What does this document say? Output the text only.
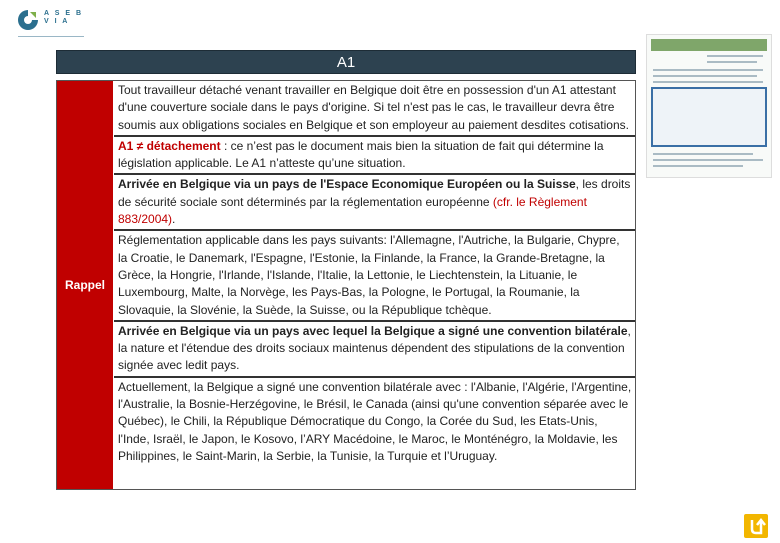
A S E B
V I A
A1
Rappel
Tout travailleur détaché venant travailler en Belgique doit être en possession d'un A1 attestant d'une couverture sociale dans le pays d'origine. Si tel n'est pas le cas, le travailleur devra être soumis aux obligations sociales en Belgique et son employeur au paiement desdites cotisations.
A1 ≠ détachement : ce n’est pas le document mais bien la situation de fait qui détermine la législation applicable. Le A1 n’atteste qu’une situation.
Arrivée en Belgique via un pays de l'Espace Economique Européen ou la Suisse, les droits de sécurité sociale sont déterminés par la réglementation européenne (cfr. le Règlement 883/2004).
Réglementation applicable dans les pays suivants: l'Allemagne, l'Autriche, la Bulgarie, Chypre, la Croatie, le Danemark, l'Espagne, l'Estonie, la Finlande, la France, la Grande-Bretagne, la Grèce, la Hongrie, l'Irlande, l'Islande, l'Italie, la Lettonie, le Liechtenstein, la Lituanie, le Luxembourg, Malte, la Norvège, les Pays-Bas, la Pologne, le Portugal, la Roumanie, la Slovaquie, la Slovénie, la Suède, la Suisse, ou la République tchèque.
Arrivée en Belgique via un pays avec lequel la Belgique a signé une convention bilatérale, la nature et l'étendue des droits sociaux maintenus dépendent des stipulations de la convention signée avec ledit pays.
Actuellement, la Belgique a signé une convention bilatérale avec : l'Albanie, l'Algérie, l'Argentine, l'Australie, la Bosnie-Herzégovine, le Brésil, le Canada (ainsi qu'une convention séparée avec le Québec), le Chili, la République Démocratique du Congo, la Corée du Sud, les Etats-Unis, l'Inde, Israël, le Japon, le Kosovo, l’ARY Macédoine, le Maroc, le Monténégro, la Moldavie, les Philippines, le Saint-Marin, la Serbie, la Tunisie, la Turquie et l’Uruguay.
